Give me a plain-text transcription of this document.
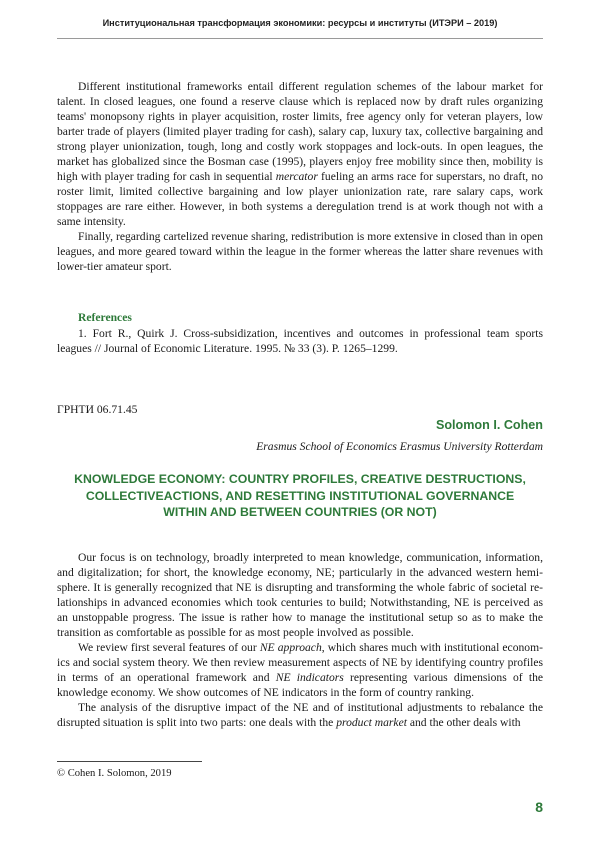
Институциональная трансформация экономики: ресурсы и институты (ИТЭРИ – 2019)

Different institutional frameworks entail different regulation schemes of the labour market for talent. In closed leagues, one found a reserve clause which is replaced now by draft rules organizing teams' monopsony rights in player acquisition, roster limits, free agency only for veteran players, low barter trade of players (limited player trading for cash), salary cap, luxury tax, collective bargaining and strong player unionization, tough, long and costly work stoppages and lock-outs. In open leagues, the market has globalized since the Bosman case (1995), players enjoy free mobility since then, mobility is high with player trading for cash in sequential mercator fueling an arms race for superstars, no draft, no roster limit, limited collective bargaining and low player unionization rate, rare salary caps, work stoppages are rare either. However, in both systems a deregulation trend is at work though not with a same intensity.

Finally, regarding cartelized revenue sharing, redistribution is more extensive in closed than in open leagues, and more geared toward within the league in the former whereas the latter share revenues with lower-tier amateur sport.

References

1. Fort R., Quirk J. Cross-subsidization, incentives and outcomes in professional team sports leagues // Journal of Economic Literature. 1995. № 33 (3). P. 1265–1299.

ГРНТИ 06.71.45
Solomon I. Cohen
Erasmus School of Economics Erasmus University Rotterdam
KNOWLEDGE ECONOMY: COUNTRY PROFILES, CREATIVE DESTRUCTIONS,
COLLECTIVEACTIONS, AND RESETTING INSTITUTIONAL GOVERNANCE
WITHIN AND BETWEEN COUNTRIES (OR NOT)

Our focus is on technology, broadly interpreted to mean knowledge, communication, information, and digitalization; for short, the knowledge economy, NE; particularly in the advanced western hemisphere. It is generally recognized that NE is disrupting and transforming the whole fabric of societal relationships in advanced economies which took centuries to build; Notwithstanding, NE is perceived as an unstoppable progress. The issue is rather how to manage the institutional setup so as to make the transition as comfortable as possible for as most people involved as possible.

We review first several features of our NE approach, which shares much with institutional economics and social system theory. We then review measurement aspects of NE by identifying country profiles in terms of an operational framework and NE indicators representing various dimensions of the knowledge economy. We show outcomes of NE indicators in the form of country ranking.

The analysis of the disruptive impact of the NE and of institutional adjustments to rebalance the disrupted situation is split into two parts: one deals with the product market and the other deals with

© Cohen I. Solomon, 2019
8
